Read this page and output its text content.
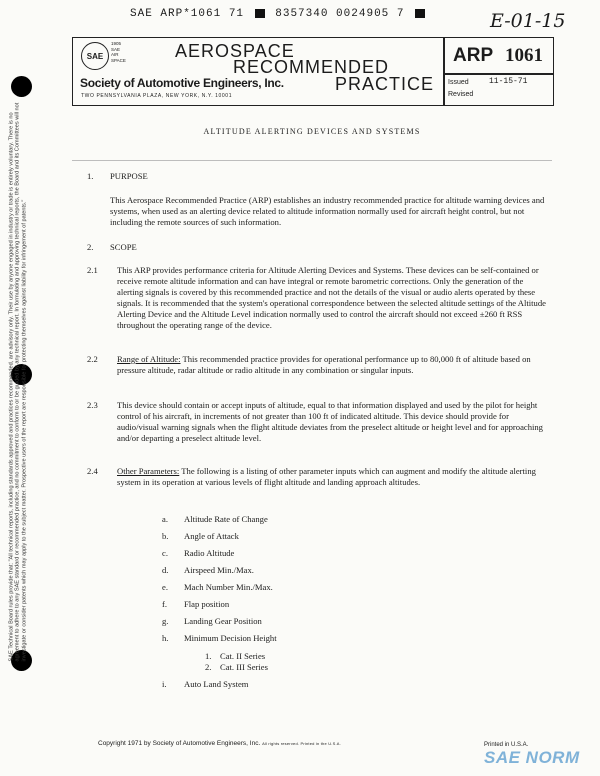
SAE ARP*1061 71	8357340 0024905 7	E-01-15
SAE Technical Board rules provide that: "All technical reports, including standards approved and practices recommended, are advisory only. Their use by anyone engaged in industry or trade is entirely voluntary. There is no agreement to adhere to any SAE standard or recommended practice, and no commitment to conform to or be guided by any technical report. In formulating and approving technical reports, the Board and its Committees will not investigate or consider patents which may apply to the subject matter. Prospective users of the report are responsible for protecting themselves against liability for infringement of patents."
SAE
1905
SAE
AIR
SPACE	AEROSPACE
RECOMMENDED
PRACTICE
Society of Automotive Engineers, Inc.
TWO PENNSYLVANIA PLAZA, NEW YORK, N.Y. 10001
ARP 1061
Issued	11-15-71
Revised
ALTITUDE ALERTING DEVICES AND SYSTEMS
1. PURPOSE
This Aerospace Recommended Practice (ARP) establishes an industry recommended practice for altitude warning devices and systems, when used as an alerting device related to altitude information normally used for aircraft height control, but not including the remote sources of such information.
2. SCOPE
2.1 This ARP provides performance criteria for Altitude Alerting Devices and Systems. These devices can be self-contained or receive remote altitude information and can have integral or remote barometric corrections. Only the generation of the alerting signals is covered by this recommended practice and not the details of the visual or audio alerts operated by these signals. It is recommended that the system's operational correspondence between the selected altitude settings of the Altitude Alerting Device and the Altitude Level indication normally used to control the aircraft should not exceed ±260 ft RSS throughout the operating range of the device.
2.2 Range of Altitude: This recommended practice provides for operational performance up to 80,000 ft of altitude based on pressure altitude, radar altitude or radio altitude in any combination or singular inputs.
2.3 This device should contain or accept inputs of altitude, equal to that information displayed and used by the pilot for height control of his aircraft, in increments of not greater than 100 ft of indicated altitude. This device should provide for audio/visual warning signals when the flight altitude deviates from the preselect altitude or height level and for approaching and/or departing a preselect altitude level.
2.4 Other Parameters: The following is a listing of other parameter inputs which can augment and modify the altitude alerting system in its operation at various levels of flight altitude and landing approach altitudes.
a. Altitude Rate of Change
b. Angle of Attack
c. Radio Altitude
d. Airspeed Min./Max.
e. Mach Number Min./Max.
f. Flap position
g. Landing Gear Position
h. Minimum Decision Height
1. Cat. II Series
2. Cat. III Series
i. Auto Land System
Copyright 1971 by Society of Automotive Engineers, Inc. All rights reserved. Printed in the U.S.A.	Printed in U.S.A.
SAE NORM
